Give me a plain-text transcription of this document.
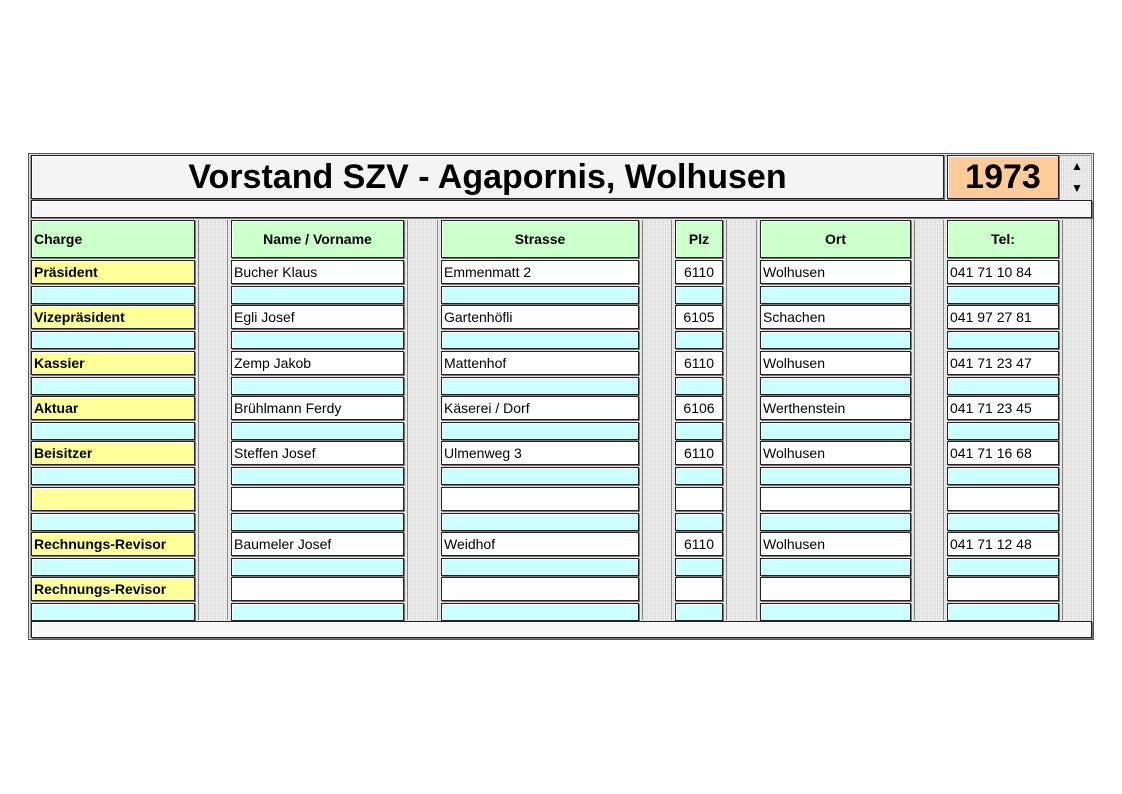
Vorstand SZV - Agapornis, Wolhusen	1973	▲
▼
Charge	Name / Vorname	Strasse	Plz	Ort	Tel:
Präsident	Bucher Klaus	Emmenmatt 2	6110	Wolhusen	041 71 10 84
Vizepräsident	Egli Josef	Gartenhöfli	6105	Schachen	041 97 27 81
Kassier	Zemp Jakob	Mattenhof	6110	Wolhusen	041 71 23 47
Aktuar	Brühlmann Ferdy	Käserei / Dorf	6106	Werthenstein	041 71 23 45
Beisitzer	Steffen Josef	Ulmenweg 3	6110	Wolhusen	041 71 16 68
Rechnungs-Revisor	Baumeler Josef	Weidhof	6110	Wolhusen	041 71 12 48
Rechnungs-Revisor
